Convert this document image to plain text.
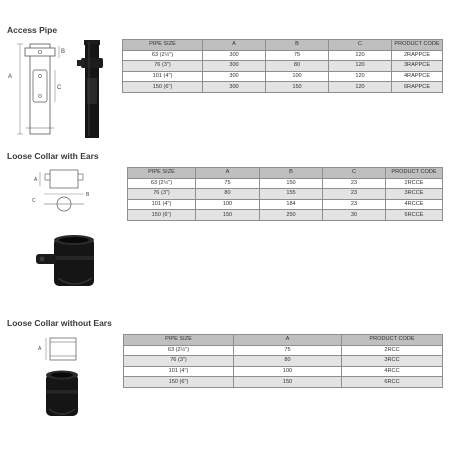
Access Pipe
A
B
C
PIPE SIZE	A	B	C	PRODUCT CODE
63 (2½")	300	75	120	2RAPPCE
76 (3")	300	80	120	3RAPPCE
101 (4")	300	100	120	4RAPPCE
150 (6")	300	150	120	6RAPPCE
Loose Collar with Ears
A
B
C
PIPE SIZE	A	B	C	PRODUCT CODE
63 (2½")	75	150	23	2RCCE
76 (3")	80	155	23	3RCCE
101 (4")	100	184	23	4RCCE
150 (6")	150	250	30	6RCCE
Loose Collar without Ears
A
PIPE SIZE	A	PRODUCT CODE
63 (2½")	75	2RCC
76 (3")	80	3RCC
101 (4")	100	4RCC
150 (6")	150	6RCC
